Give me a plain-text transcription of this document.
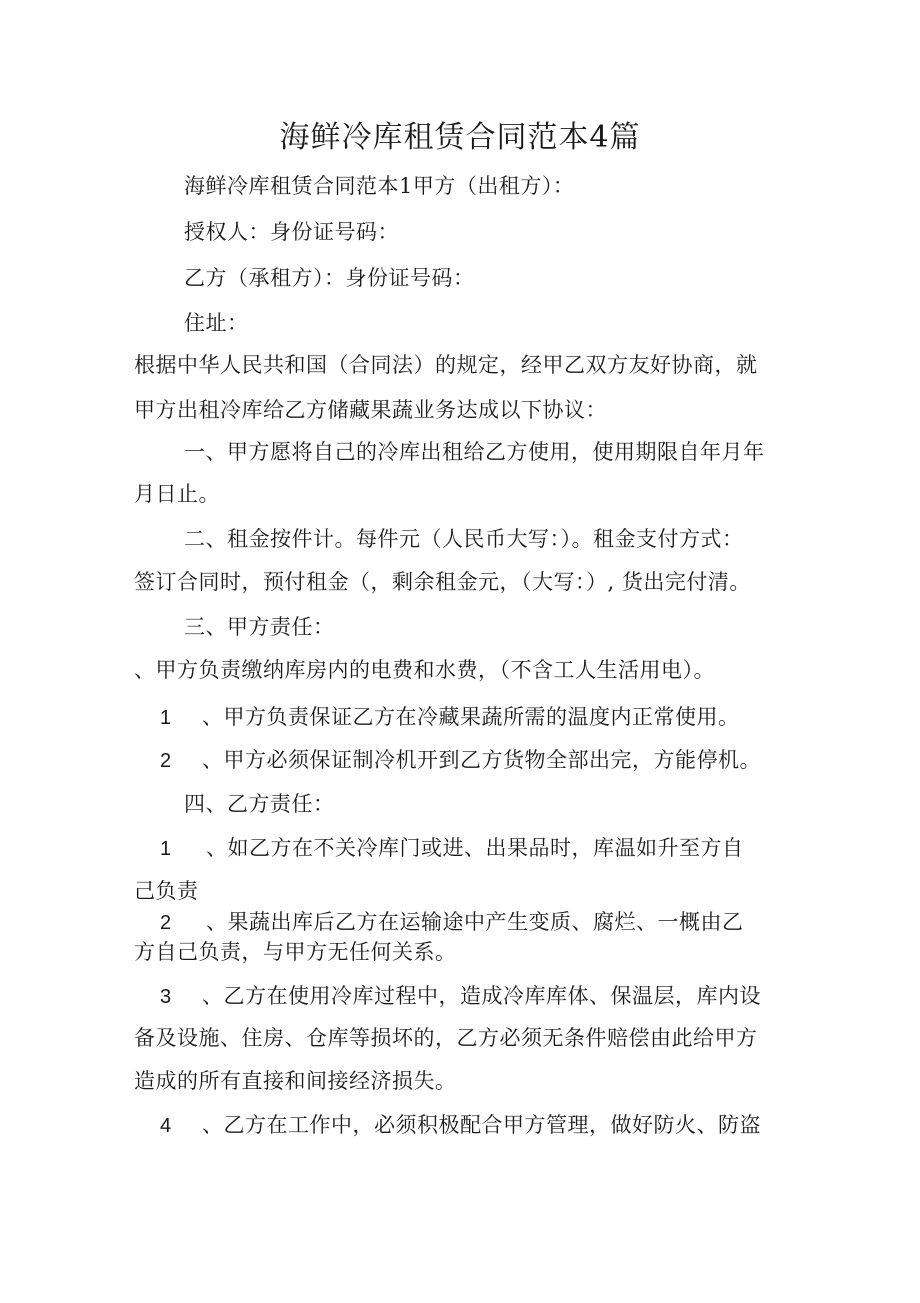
海鲜冷库租赁合同范本4篇
海鲜冷库租赁合同范本1甲方（出租方）：
授权人：身份证号码：
乙方（承租方）：身份证号码：
住址：
根据中华人民共和国（合同法）的规定，经甲乙双方友好协商，就
甲方出租冷库给乙方储藏果蔬业务达成以下协议：
一、甲方愿将自己的冷库出租给乙方使用，使用期限自年月年
月日止。
二、租金按件计。每件元（人民币大写：）。租金支付方式：
签订合同时，预付租金（，剩余租金元，（大写：）, 货出完付清。
三、甲方责任：
、甲方负责缴纳库房内的电费和水费，（不含工人生活用电）。
1 、甲方负责保证乙方在冷藏果蔬所需的温度内正常使用。
2 、甲方必须保证制冷机开到乙方货物全部出完，方能停机。
四、乙方责任：
1 、如乙方在不关冷库门或进、出果品时，库温如升至方自
己负责
2 、果蔬出库后乙方在运输途中产生变质、腐烂、一概由乙
方自己负责，与甲方无任何关系。
3 、乙方在使用冷库过程中，造成冷库库体、保温层，库内设
备及设施、住房、仓库等损坏的，乙方必须无条件赔偿由此给甲方
造成的所有直接和间接经济损失。
4 、乙方在工作中，必须积极配合甲方管理，做好防火、防盗
